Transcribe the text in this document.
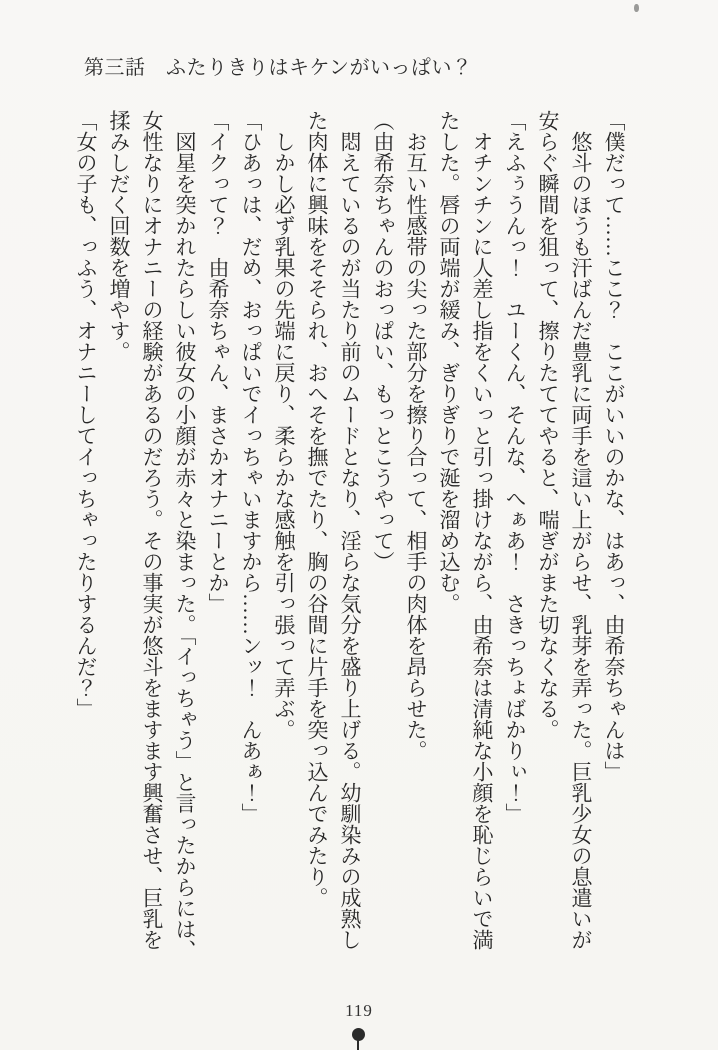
第三話　ふたりきりはキケンがいっぱい？
「僕だって……ここ？　ここがいいのかな、はあっ、由希奈ちゃんは」
　悠斗のほうも汗ばんだ豊乳に両手を這い上がらせ、乳芽を弄った。巨乳少女の息遣いが
安らぐ瞬間を狙って、擦りたててやると、喘ぎがまた切なくなる。
「えふぅうんっ！　ユーくん、そんな、へぁあ！　さきっちょばかりぃ！」
　オチンチンに人差し指をくいっと引っ掛けながら、由希奈は清純な小顔を恥じらいで満
たした。唇の両端が緩み、ぎりぎりで涎を溜め込む。
　お互い性感帯の尖った部分を擦り合って、相手の肉体を昂らせた。
（由希奈ちゃんのおっぱい、もっとこうやって）
　悶えているのが当たり前のムードとなり、淫らな気分を盛り上げる。幼馴染みの成熟し
た肉体に興味をそそられ、おへそを撫でたり、胸の谷間に片手を突っ込んでみたり。
　しかし必ず乳果の先端に戻り、柔らかな感触を引っ張って弄ぶ。
「ひあっは、だめ、おっぱいでイっちゃいますから……ンッ！　んあぁ！」
「イクって？　由希奈ちゃん、まさかオナニーとか」
　図星を突かれたらしい彼女の小顔が赤々と染まった。「イっちゃう」と言ったからには、
女性なりにオナニーの経験があるのだろう。その事実が悠斗をますます興奮させ、巨乳を
揉みしだく回数を増やす。
「女の子も、っふう、オナニーしてイっちゃったりするんだ？」
119
